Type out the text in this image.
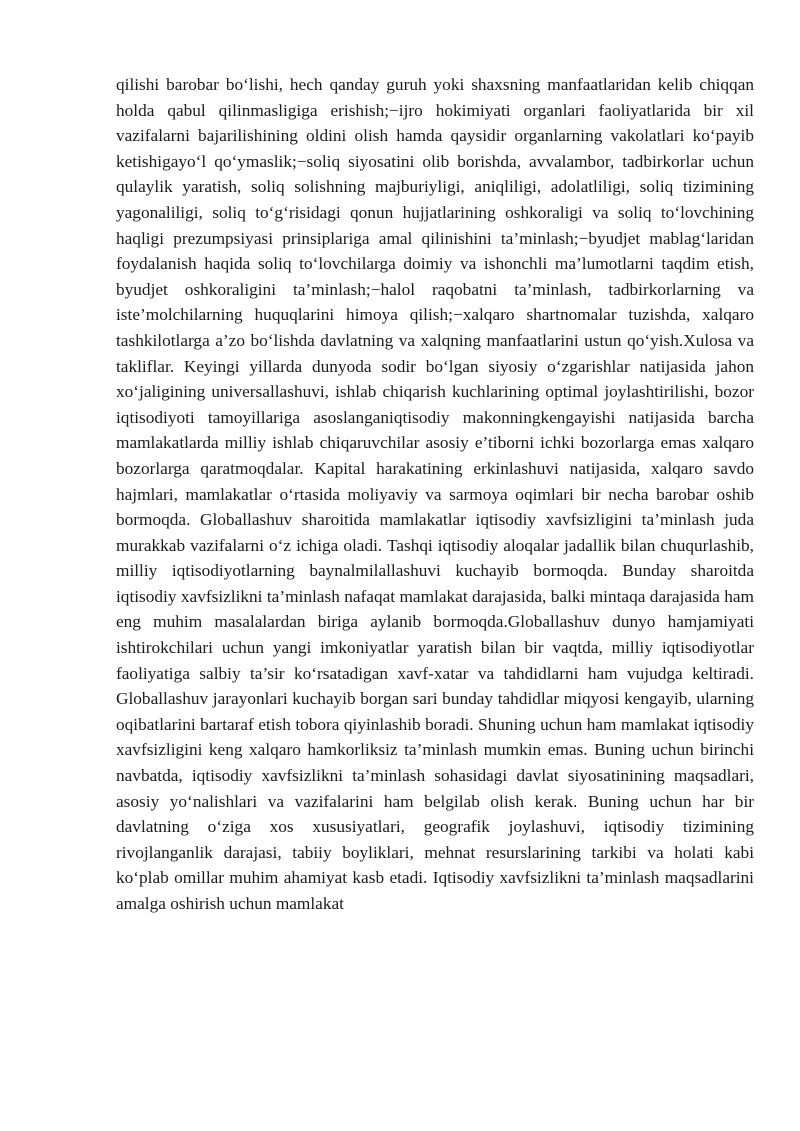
qilishi barobar bo‘lishi, hech qanday guruh yoki shaxsning manfaatlaridan kelib chiqqan holda qabul qilinmasligiga erishish;−ijro hokimiyati organlari faoliyatlarida bir xil vazifalarni bajarilishining oldini olish hamda qaysidir organlarning vakolatlari ko‘payib ketishigayo‘l qo‘ymaslik;−soliq siyosatini olib borishda, avvalambor, tadbirkorlar uchun qulaylik yaratish, soliq solishning majburiyligi, aniqliligi, adolatliligi, soliq tizimining yagonaliligi, soliq to‘g‘risidagi qonun hujjatlarining oshkoraligi va soliq to‘lovchining haqligi prezumpsiyasi prinsiplariga amal qilinishini ta’minlash;−byudjet mablag‘laridan foydalanish haqida soliq to‘lovchilarga doimiy va ishonchli ma’lumotlarni taqdim etish, byudjet oshkoraligini ta’minlash;−halol raqobatni ta’minlash, tadbirkorlarning va iste’molchilarning huquqlarini himoya qilish;−xalqaro shartnomalar tuzishda, xalqaro tashkilotlarga a’zo bo‘lishda davlatning va xalqning manfaatlarini ustun qo‘yish.Xulosa va takliflar. Keyingi yillarda dunyoda sodir bo‘lgan siyosiy o‘zgarishlar natijasida jahon xo‘jaligining universallashuvi, ishlab chiqarish kuchlarining optimal joylashtirilishi, bozor iqtisodiyoti tamoyillariga asoslanganiqtisodiy makonningkengayishi natijasida barcha mamlakatlarda milliy ishlab chiqaruvchilar asosiy e’tiborni ichki bozorlarga emas xalqaro bozorlarga qaratmoqdalar. Kapital harakatining erkinlashuvi natijasida, xalqaro savdo hajmlari, mamlakatlar o‘rtasida moliyaviy va sarmoya oqimlari bir necha barobar oshib bormoqda. Globallashuv sharoitida mamlakatlar iqtisodiy xavfsizligini ta’minlash juda murakkab vazifalarni o‘z ichiga oladi. Tashqi iqtisodiy aloqalar jadallik bilan chuqurlashib, milliy iqtisodiyotlarning baynalmilallashuvi kuchayib bormoqda. Bunday sharoitda iqtisodiy xavfsizlikni ta’minlash nafaqat mamlakat darajasida, balki mintaqa darajasida ham eng muhim masalalardan biriga aylanib bormoqda.Globallashuv dunyo hamjamiyati ishtirokchilari uchun yangi imkoniyatlar yaratish bilan bir vaqtda, milliy iqtisodiyotlar faoliyatiga salbiy ta’sir ko‘rsatadigan xavf-xatar va tahdidlarni ham vujudga keltiradi. Globallashuv jarayonlari kuchayib borgan sari bunday tahdidlar miqyosi kengayib, ularning oqibatlarini bartaraf etish tobora qiyinlashib boradi. Shuning uchun ham mamlakat iqtisodiy xavfsizligini keng xalqaro hamkorliksiz ta’minlash mumkin emas. Buning uchun birinchi navbatda, iqtisodiy xavfsizlikni ta’minlash sohasidagi davlat siyosatinining maqsadlari, asosiy yo‘nalishlari va vazifalarini ham belgilab olish kerak. Buning uchun har bir davlatning o‘ziga xos xususiyatlari, geografik joylashuvi, iqtisodiy tizimining rivojlanganlik darajasi, tabiiy boyliklari, mehnat resurslarining tarkibi va holati kabi ko‘plab omillar muhim ahamiyat kasb etadi. Iqtisodiy xavfsizlikni ta’minlash maqsadlarini amalga oshirish uchun mamlakat
